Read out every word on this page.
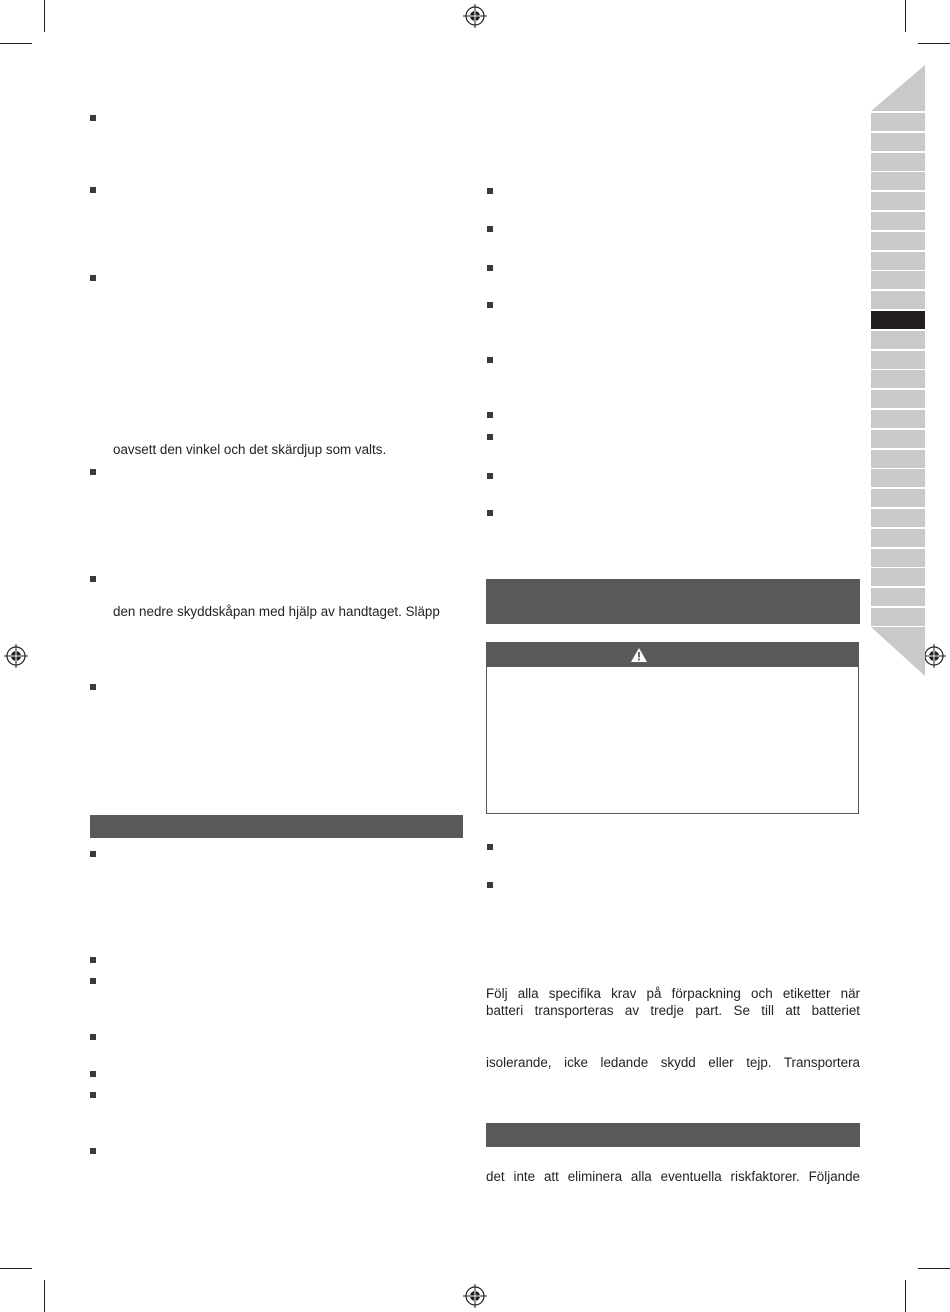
oavsett den vinkel och det skärdjup som valts.
den nedre skyddskåpan med hjälp av handtaget. Släpp
Följ alla specifika krav på förpackning och etiketter när
batteri transporteras av tredje part. Se till att batteriet
isolerande, icke ledande skydd eller tejp. Transportera
det inte att eliminera alla eventuella riskfaktorer. Följande
